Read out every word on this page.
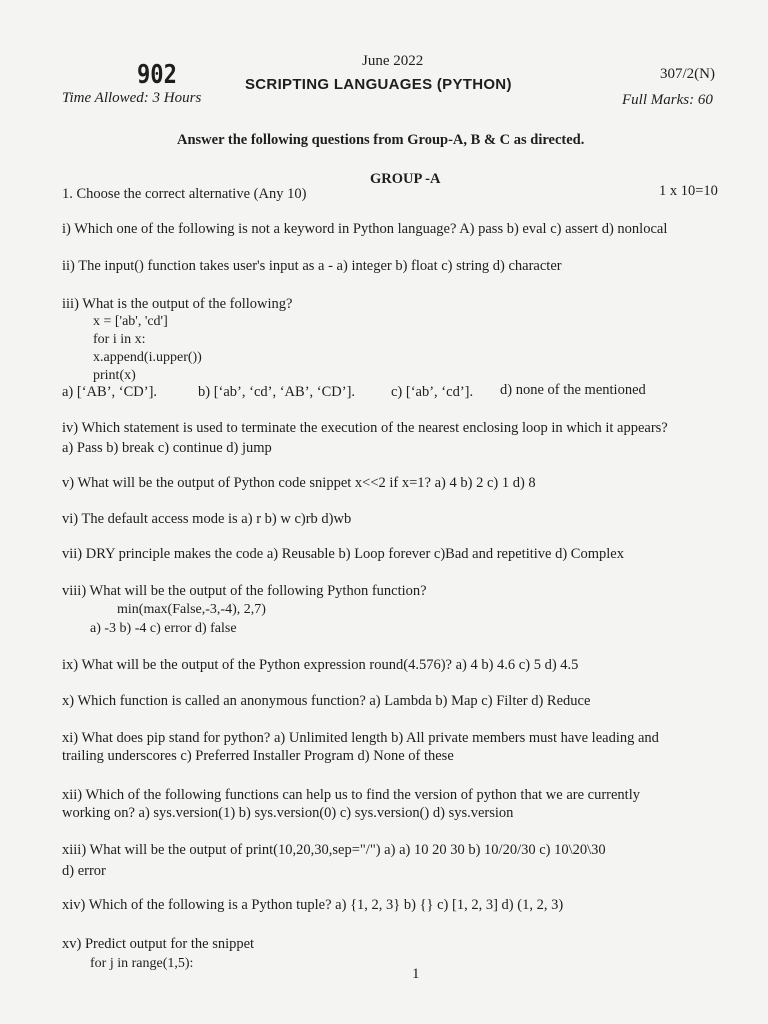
902	June 2022
307/2(N)
SCRIPTING LANGUAGES (PYTHON)
Time Allowed: 3 Hours	Full Marks: 60
Answer the following questions from Group-A, B & C as directed.
GROUP -A
1. Choose the correct alternative (Any 10)	1 x 10=10
i) Which one of the following is not a keyword in Python language? A) pass b) eval c) assert d) nonlocal
ii) The input() function takes user's input as a - a) integer b) float c) string d) character
iii) What is the output of the following?
x = ['ab', 'cd']
for i in x:
x.append(i.upper())
print(x)
a) [‘AB’, ‘CD’].	b) [‘ab’, ‘cd’, ‘AB’, ‘CD’]. c) [‘ab’, ‘cd’]. d) none of the mentioned
iv) Which statement is used to terminate the execution of the nearest enclosing loop in which it appears?
a) Pass b) break c) continue d) jump
v) What will be the output of Python code snippet x<<2 if x=1? a) 4 b) 2 c) 1 d) 8
vi) The default access mode is a) r b) w c)rb d)wb
vii) DRY principle makes the code a) Reusable b) Loop forever c)Bad and repetitive d) Complex
viii) What will be the output of the following Python function?
min(max(False,-3,-4), 2,7)
a) -3 b) -4 c) error d) false
ix) What will be the output of the Python expression round(4.576)? a) 4 b) 4.6 c) 5 d) 4.5
x) Which function is called an anonymous function? a) Lambda b) Map c) Filter d) Reduce
xi) What does pip stand for python? a) Unlimited length b) All private members must have leading and
trailing underscores c) Preferred Installer Program d) None of these
xii) Which of the following functions can help us to find the version of python that we are currently
working on? a) sys.version(1) b) sys.version(0) c) sys.version() d) sys.version
xiii) What will be the output of print(10,20,30,sep="/") a) a) 10 20 30 b) 10/20/30 c) 10\20\30
d) error
xiv) Which of the following is a Python tuple? a) {1, 2, 3} b) {} c) [1, 2, 3] d) (1, 2, 3)
xv) Predict output for the snippet
for j in range(1,5):
1
